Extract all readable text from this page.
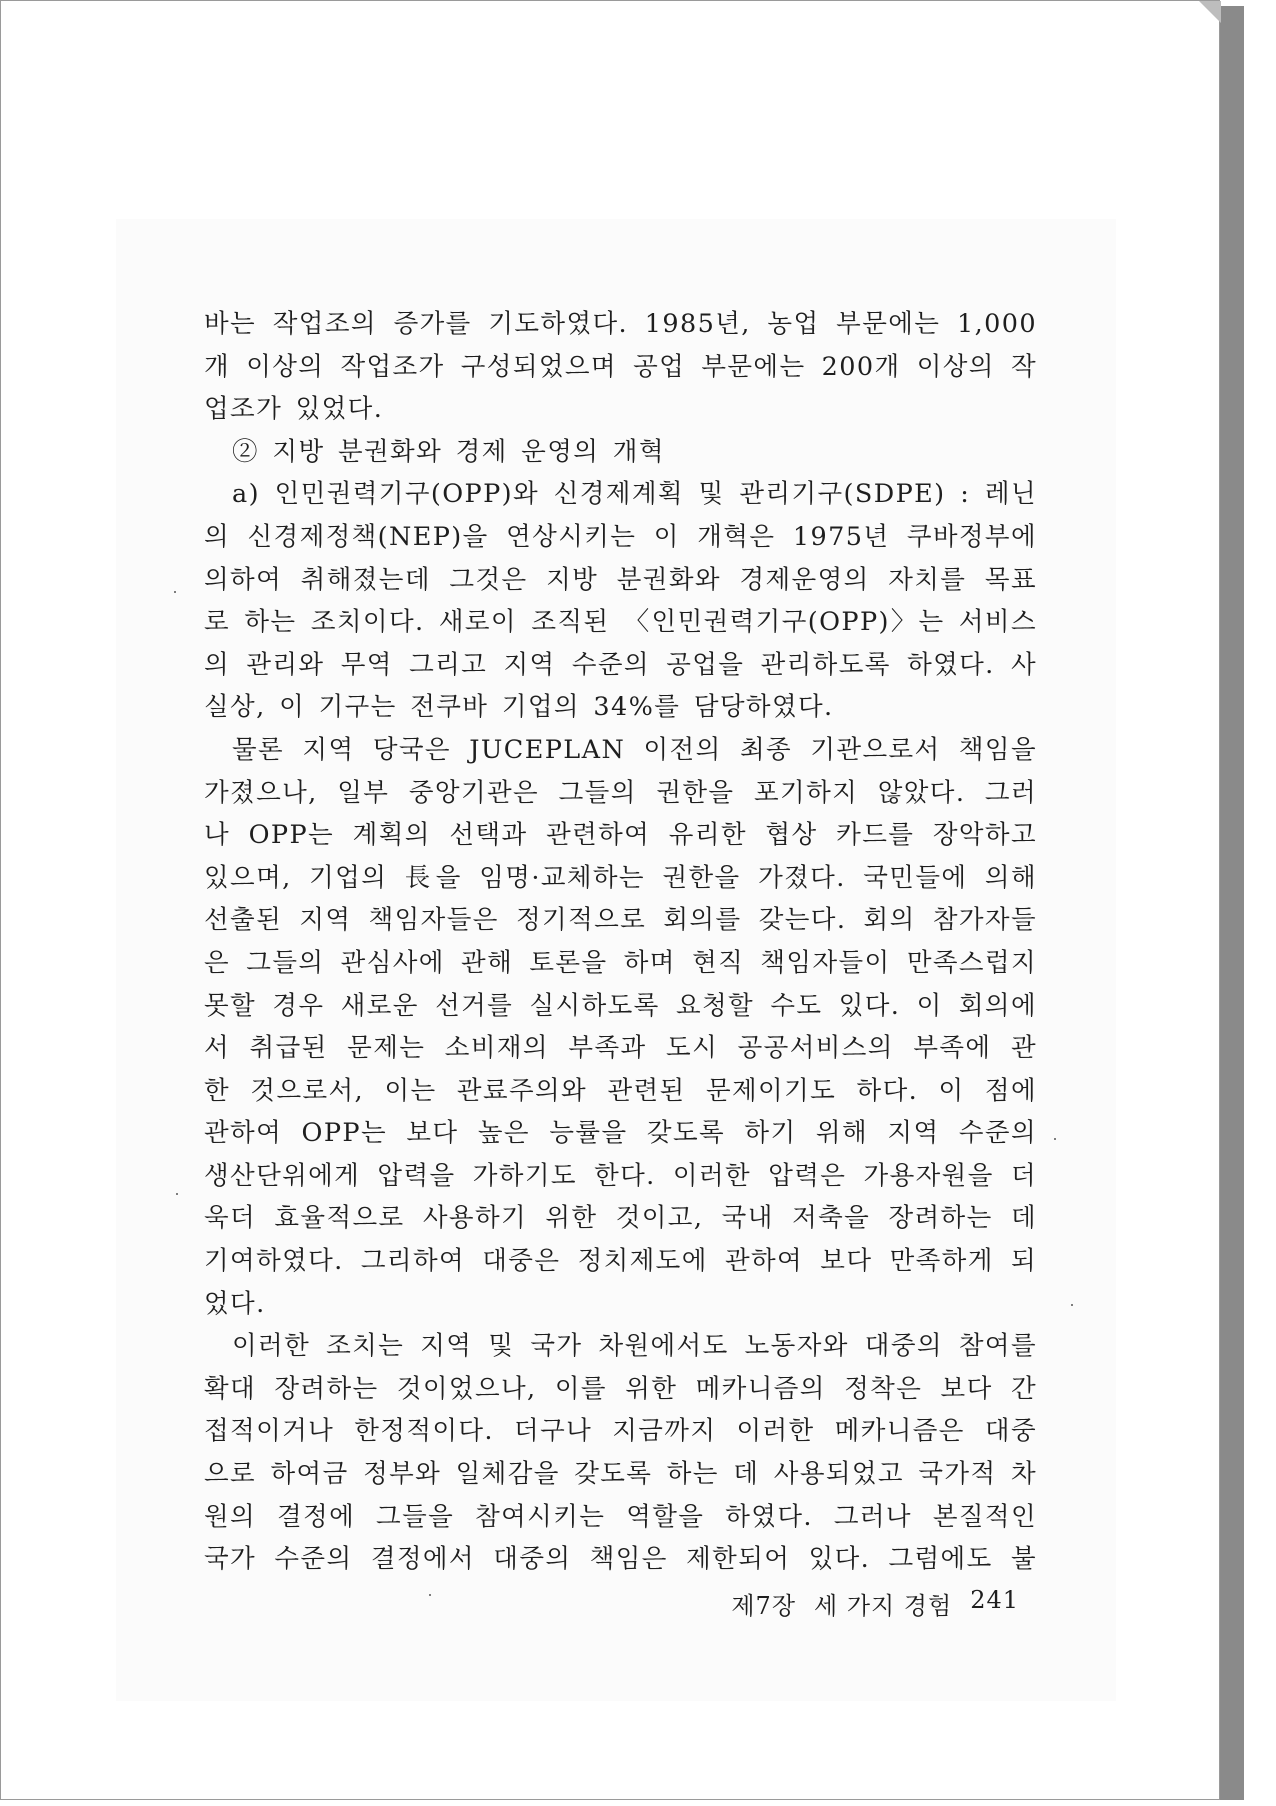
바는 작업조의 증가를 기도하였다. 1985년, 농업 부문에는 1,000
개 이상의 작업조가 구성되었으며 공업 부문에는 200개 이상의 작
업조가 있었다.

② 지방 분권화와 경제 운영의 개혁

a) 인민권력기구(OPP)와 신경제계획 및 관리기구(SDPE) : 레닌
의 신경제정책(NEP)을 연상시키는 이 개혁은 1975년 쿠바정부에
의하여 취해졌는데 그것은 지방 분권화와 경제운영의 자치를 목표
로 하는 조치이다. 새로이 조직된 〈인민권력기구(OPP)〉는 서비스
의 관리와 무역 그리고 지역 수준의 공업을 관리하도록 하였다. 사
실상, 이 기구는 전쿠바 기업의 34%를 담당하였다.

물론 지역 당국은 JUCEPLAN 이전의 최종 기관으로서 책임을
가졌으나, 일부 중앙기관은 그들의 권한을 포기하지 않았다. 그러
나 OPP는 계획의 선택과 관련하여 유리한 협상 카드를 장악하고
있으며, 기업의 長을 임명·교체하는 권한을 가졌다. 국민들에 의해
선출된 지역 책임자들은 정기적으로 회의를 갖는다. 회의 참가자들
은 그들의 관심사에 관해 토론을 하며 현직 책임자들이 만족스럽지
못할 경우 새로운 선거를 실시하도록 요청할 수도 있다. 이 회의에
서 취급된 문제는 소비재의 부족과 도시 공공서비스의 부족에 관
한 것으로서, 이는 관료주의와 관련된 문제이기도 하다. 이 점에
관하여 OPP는 보다 높은 능률을 갖도록 하기 위해 지역 수준의
생산단위에게 압력을 가하기도 한다. 이러한 압력은 가용자원을 더
욱더 효율적으로 사용하기 위한 것이고, 국내 저축을 장려하는 데
기여하였다. 그리하여 대중은 정치제도에 관하여 보다 만족하게 되
었다.

이러한 조치는 지역 및 국가 차원에서도 노동자와 대중의 참여를
확대 장려하는 것이었으나, 이를 위한 메카니즘의 정착은 보다 간
접적이거나 한정적이다. 더구나 지금까지 이러한 메카니즘은 대중
으로 하여금 정부와 일체감을 갖도록 하는 데 사용되었고 국가적 차
원의 결정에 그들을 참여시키는 역할을 하였다. 그러나 본질적인
국가 수준의 결정에서 대중의 책임은 제한되어 있다. 그럼에도 불

제7장 세 가지 경험 241
